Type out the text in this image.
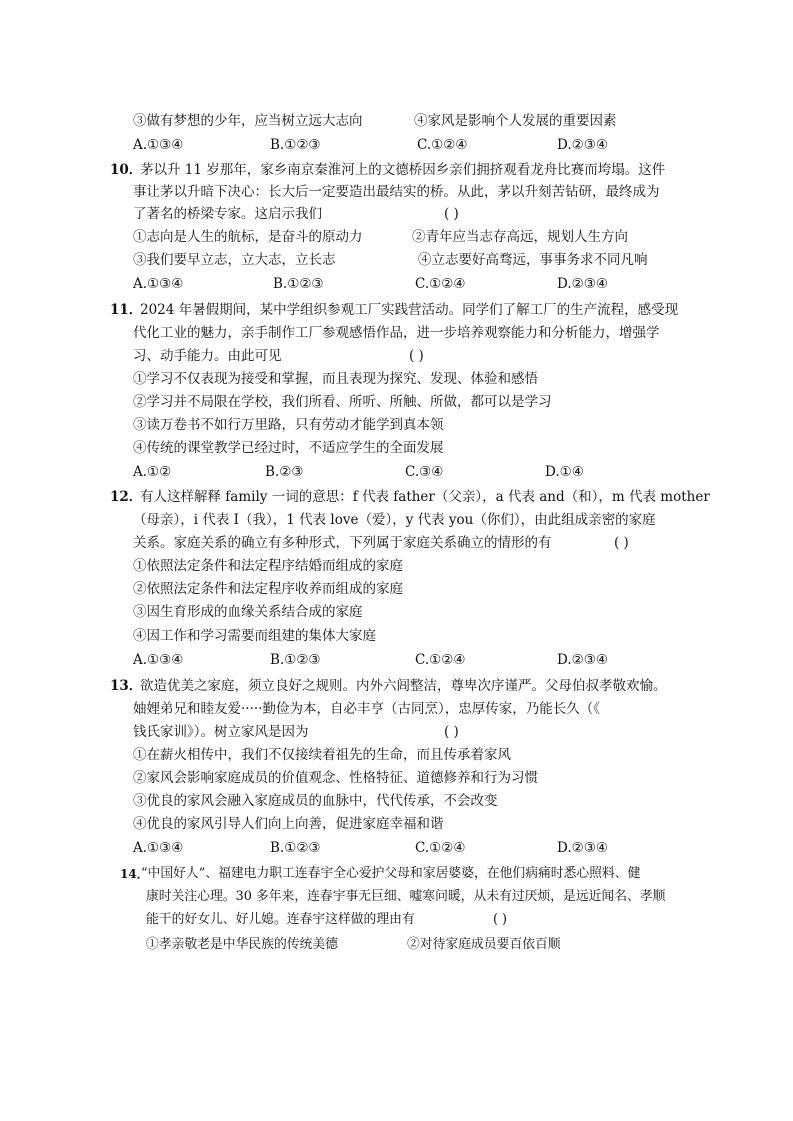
③做有梦想的少年，应当树立远大志向	④家风是影响个人发展的重要因素
A.①③④	B.①②③	C.①②④	D.②③④
10．
茅以升 11 岁那年，家乡南京秦淮河上的文德桥因乡亲们拥挤观看龙舟比赛而垮塌。这件
事让茅以升暗下决心：长大后一定要造出最结实的桥。从此，茅以升刻苦钻研，最终成为
了著名的桥梁专家。这启示我们	( )
①志向是人生的航标，是奋斗的原动力	②青年应当志存高远，规划人生方向
③我们要早立志，立大志，立长志	④立志要好高骛远，事事务求不同凡响
A.①③④	B.①②③	C.①②④	D.②③④
11．
2024 年暑假期间，某中学组织参观工厂实践营活动。同学们了解工厂的生产流程，感受现
代化工业的魅力，亲手制作工厂参观感悟作品，进一步培养观察能力和分析能力，增强学
习、动手能力。由此可见	( )
①学习不仅表现为接受和掌握，而且表现为探究、发现、体验和感悟
②学习并不局限在学校，我们所看、所听、所触、所做，都可以是学习
③读万卷书不如行万里路，只有劳动才能学到真本领
④传统的课堂教学已经过时，不适应学生的全面发展
A.①②	B.②③	C.③④	D.①④
12．
有人这样解释 family 一词的意思：f 代表 father（父亲），a 代表 and（和），m 代表 mother
（母亲），i 代表 I（我），1 代表 love（爱），y 代表 you（你们），由此组成亲密的家庭
关系。家庭关系的确立有多种形式，下列属于家庭关系确立的情形的有	( )
①依照法定条件和法定程序结婚而组成的家庭
②依照法定条件和法定程序收养而组成的家庭
③因生育形成的血缘关系结合成的家庭
④因工作和学习需要而组建的集体大家庭
A.①③④	B.①②③	C.①②④	D.②③④
13．
欲造优美之家庭，须立良好之规则。内外六闾整洁，尊卑次序谨严。父母伯叔孝敬欢愉。
妯娌弟兄和睦友爱·····勤俭为本，自必丰亨（古同烹），忠厚传家，乃能长久（《
钱氏家训》）。树立家风是因为	( )
①在薪火相传中，我们不仅接续着祖先的生命，而且传承着家风
②家风会影响家庭成员的价值观念、性格特征、道德修养和行为习惯
③优良的家风会融入家庭成员的血脉中，代代传承，不会改变
④优良的家风引导人们向上向善，促进家庭幸福和谐
A.①③④	B.①②③	C.①②④	D.②③④
14．
“中国好人”、福建电力职工连春宇全心爱护父母和家居婆婆，在他们病痛时悉心照料、健
康时关注心理。30 多年来，连春宇事无巨细、嘘寒问暖，从未有过厌烦，是远近闻名、孝顺
能干的好女儿、好儿媳。连春宇这样做的理由有	( )
①孝亲敬老是中华民族的传统美德	②对待家庭成员要百依百顺
